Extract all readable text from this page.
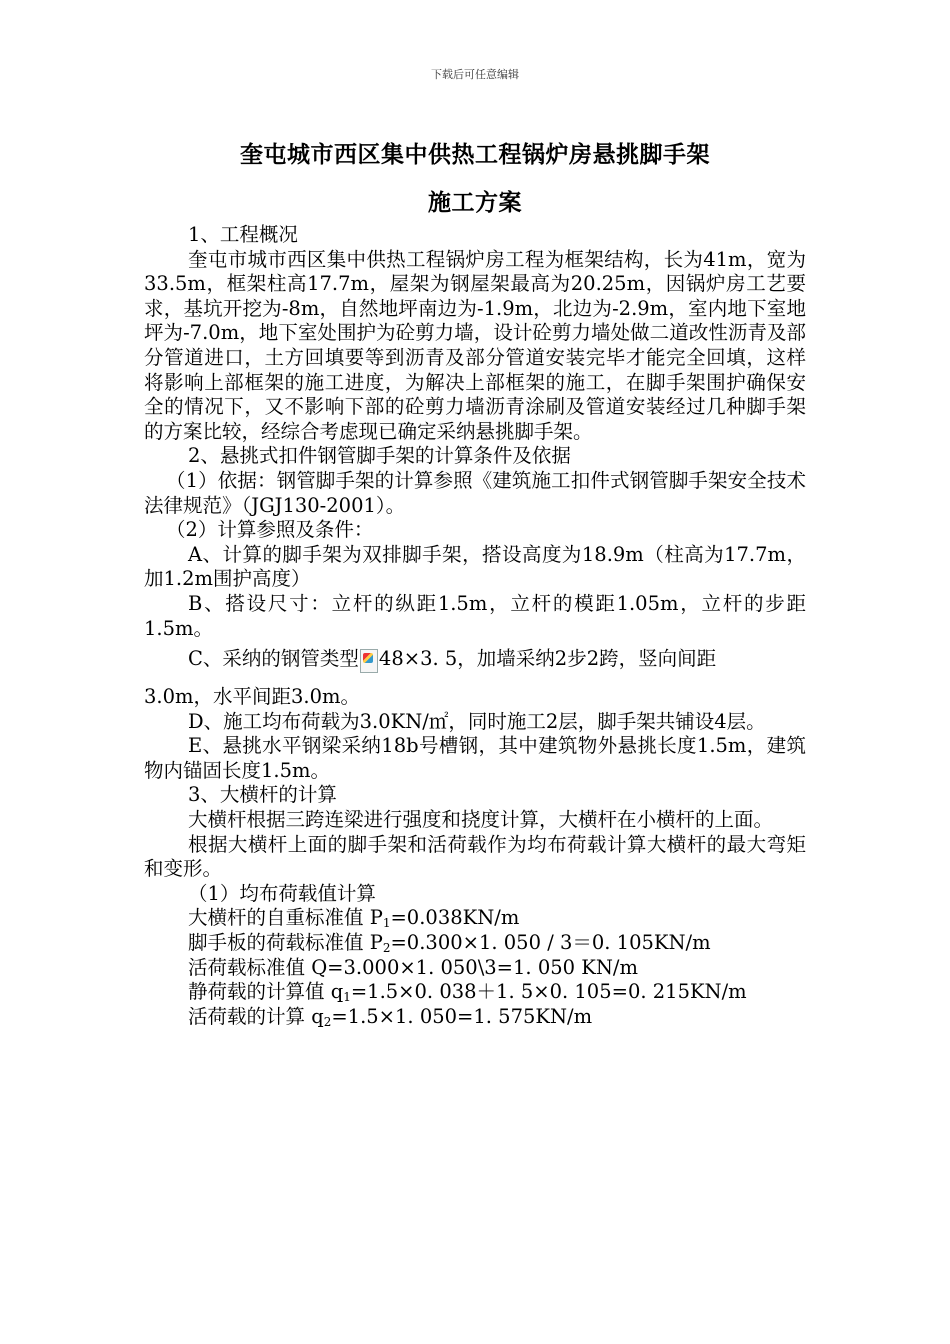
下载后可任意编辑
奎屯城市西区集中供热工程锅炉房悬挑脚手架
施工方案

1、工程概况

奎屯市城市西区集中供热工程锅炉房工程为框架结构，长为41m，宽为33.5m，框架柱高17.7m，屋架为钢屋架最高为20.25m，因锅炉房工艺要求，基坑开挖为-8m，自然地坪南边为-1.9m，北边为-2.9m，室内地下室地坪为-7.0m，地下室处围护为砼剪力墙，设计砼剪力墙处做二道改性沥青及部分管道进口，土方回填要等到沥青及部分管道安装完毕才能完全回填，这样将影响上部框架的施工进度，为解决上部框架的施工，在脚手架围护确保安全的情况下，又不影响下部的砼剪力墙沥青涂刷及管道安装经过几种脚手架的方案比较，经综合考虑现已确定采纳悬挑脚手架。

2、悬挑式扣件钢管脚手架的计算条件及依据

（1）依据：钢管脚手架的计算参照《建筑施工扣件式钢管脚手架安全技术法律规范》（JGJ130-2001）。

（2）计算参照及条件：

A、计算的脚手架为双排脚手架，搭设高度为18.9m（柱高为17.7m，加1.2m围护高度）

B、搭设尺寸：立杆的纵距1.5m，立杆的模距1.05m，立杆的步距1.5m。

C、采纳的钢管类型 48×3. 5，加墙采纳2步2跨，竖向间距

3.0m，水平间距3.0m。

D、施工均布荷载为3.0KN/㎡，同时施工2层，脚手架共铺设4层。

E、悬挑水平钢梁采纳18b号槽钢，其中建筑物外悬挑长度1.5m，建筑物内锚固长度1.5m。

3、大横杆的计算

大横杆根据三跨连梁进行强度和挠度计算，大横杆在小横杆的上面。

根据大横杆上面的脚手架和活荷载作为均布荷载计算大横杆的最大弯矩和变形。

（1）均布荷载值计算

大横杆的自重标准值 $P_1=0.038KN/m$

脚手板的荷载标准值 $P_2=0.300\times 1$. 050 / 3＝0. 105KN/m

活荷载标准值 Q=3.000×1. 050\3=1. 050 KN/m

静荷载的计算值 $q_1=1.5\times 0$. 038＋1. 5×0. 105=0. 215KN/m

活荷载的计算 $q_2=1.5\times 1$. 050=1. 575KN/m
